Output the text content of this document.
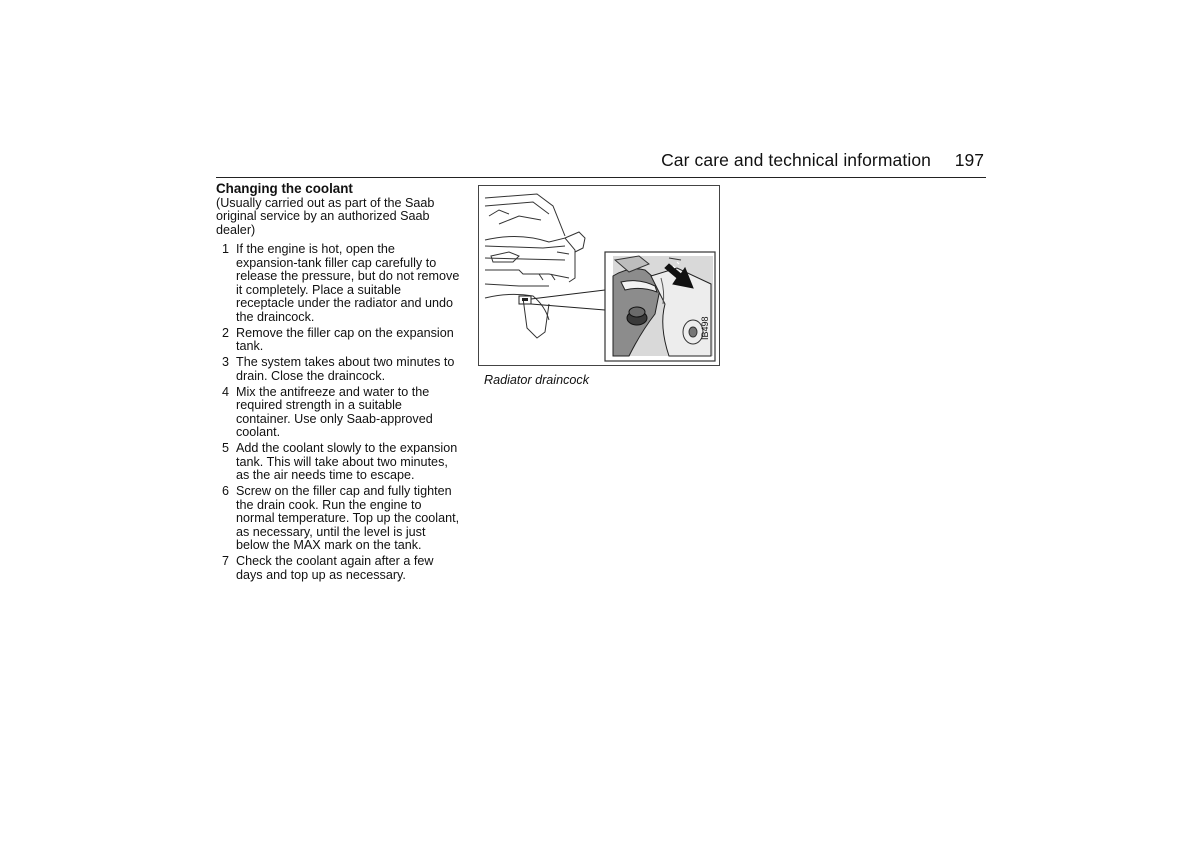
Car care and technical information 197
Changing the coolant
(Usually carried out as part of the Saab original service by an authorized Saab dealer)
1 If the engine is hot, open the expansion-tank filler cap carefully to release the pressure, but do not remove it completely. Place a suitable receptacle under the radiator and undo the draincock.
2 Remove the filler cap on the expansion tank.
3 The system takes about two minutes to drain. Close the draincock.
4 Mix the antifreeze and water to the required strength in a suitable container. Use only Saab-approved coolant.
5 Add the coolant slowly to the expansion tank. This will take about two minutes, as the air needs time to escape.
6 Screw on the filler cap and fully tighten the drain cook. Run the engine to normal temperature. Top up the coolant, as necessary, until the level is just below the MAX mark on the tank.
7 Check the coolant again after a few days and top up as necessary.
IB498
Radiator draincock
